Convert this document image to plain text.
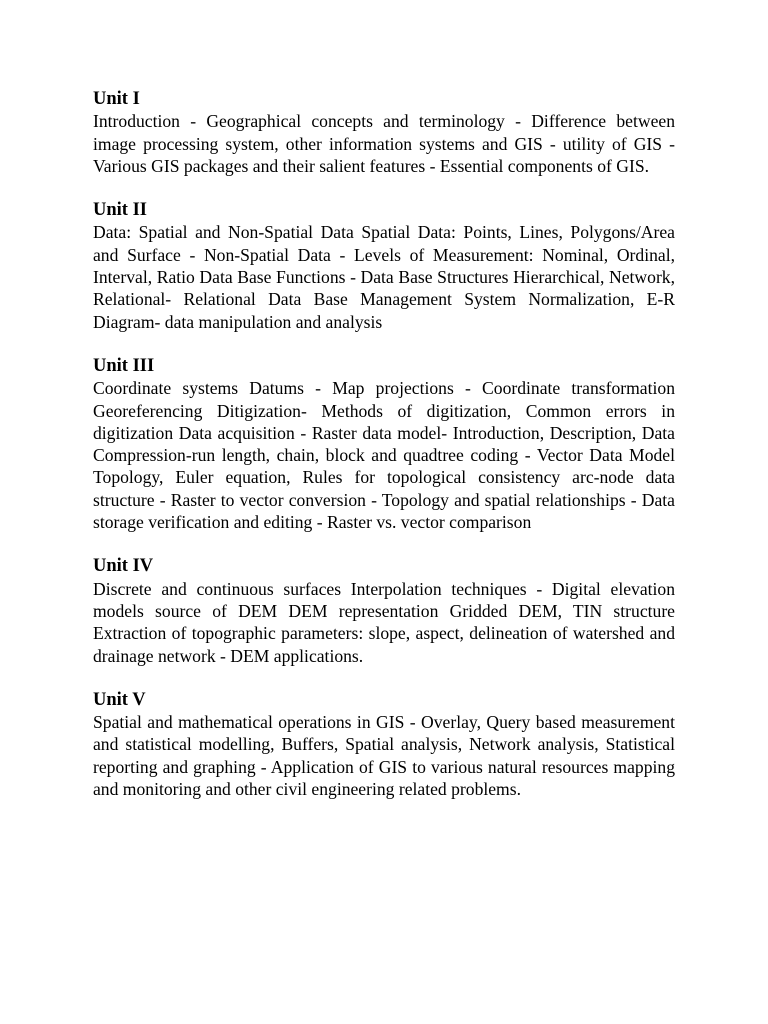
Unit I

Introduction - Geographical concepts and terminology - Difference between image processing system, other information systems and GIS - utility of GIS - Various GIS packages and their salient features - Essential components of GIS.

Unit II

Data: Spatial and Non-Spatial Data Spatial Data: Points, Lines, Polygons/Area and Surface - Non-Spatial Data - Levels of Measurement: Nominal, Ordinal, Interval, Ratio Data Base Functions - Data Base Structures Hierarchical, Network, Relational- Relational Data Base Management System Normalization, E-R Diagram- data manipulation and analysis

Unit III

Coordinate systems Datums - Map projections - Coordinate transformation Georeferencing Ditigization- Methods of digitization, Common errors in digitization Data acquisition - Raster data model- Introduction, Description, Data Compression-run length, chain, block and quadtree coding - Vector Data Model Topology, Euler equation, Rules for topological consistency arc-node data structure - Raster to vector conversion - Topology and spatial relationships - Data storage verification and editing - Raster vs. vector comparison

Unit IV

Discrete and continuous surfaces Interpolation techniques - Digital elevation models source of DEM DEM representation Gridded DEM, TIN structure Extraction of topographic parameters: slope, aspect, delineation of watershed and drainage network - DEM applications.

Unit V

Spatial and mathematical operations in GIS - Overlay, Query based measurement and statistical modelling, Buffers, Spatial analysis, Network analysis, Statistical reporting and graphing - Application of GIS to various natural resources mapping and monitoring and other civil engineering related problems.
